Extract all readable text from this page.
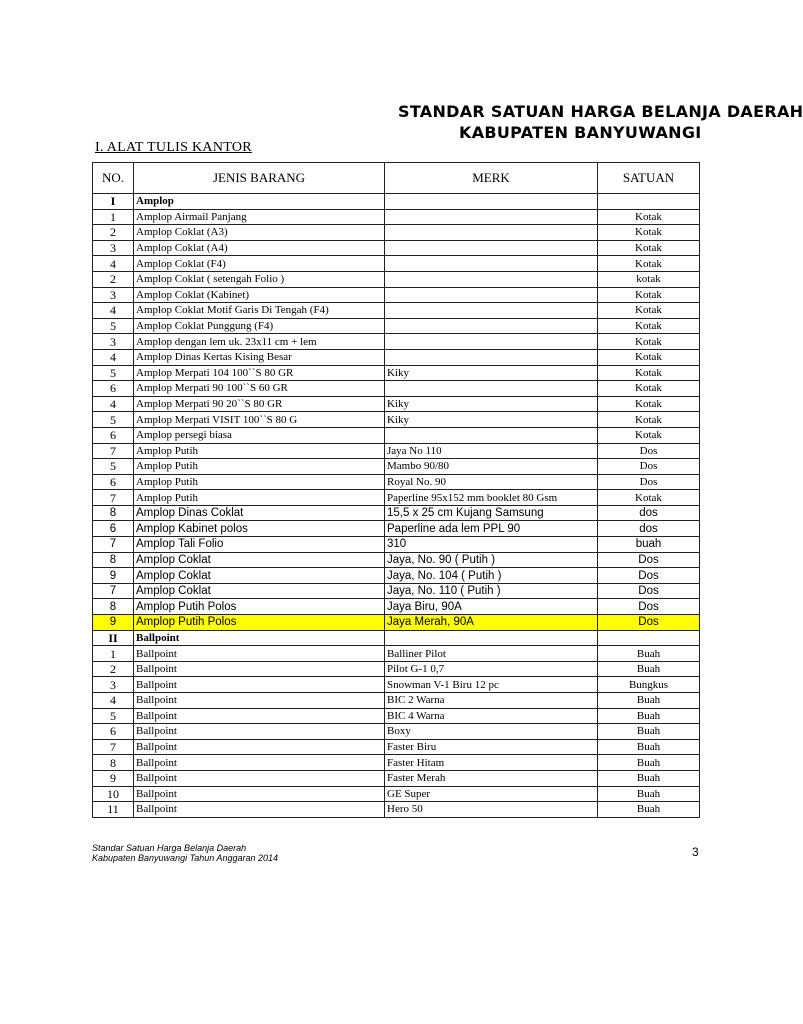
STANDAR SATUAN HARGA BELANJA DAERAH
KABUPATEN BANYUWANGI
I. ALAT TULIS KANTOR
NO.	JENIS BARANG	MERK	SATUAN
I	Amplop		
1	Amplop Airmail Panjang		Kotak
2	Amplop Coklat (A3)		Kotak
3	Amplop Coklat (A4)		Kotak
4	Amplop Coklat (F4)		Kotak
2	Amplop Coklat ( setengah Folio )		kotak
3	Amplop Coklat (Kabinet)		Kotak
4	Amplop Coklat Motif Garis Di Tengah (F4)		Kotak
5	Amplop Coklat Punggung (F4)		Kotak
3	Amplop dengan lem uk. 23x11 cm + lem		Kotak
4	Amplop Dinas Kertas Kising Besar		Kotak
5	Amplop Merpati 104 100``S 80 GR	Kiky	Kotak
6	Amplop Merpati 90 100``S 60 GR		Kotak
4	Amplop Merpati 90 20``S 80 GR	Kiky	Kotak
5	Amplop Merpati VISIT 100``S 80 G	Kiky	Kotak
6	Amplop persegi biasa		Kotak
7	Amplop Putih	Jaya No 110	Dos
5	Amplop Putih	Mambo 90/80	Dos
6	Amplop Putih	Royal No. 90	Dos
7	Amplop Putih	Paperline 95x152 mm booklet 80 Gsm	Kotak
8	Amplop Dinas Coklat	15,5 x 25 cm Kujang Samsung	dos
6	Amplop Kabinet polos	Paperline ada lem PPL 90	dos
7	Amplop Tali Folio	310	buah
8	Amplop Coklat	Jaya, No. 90 ( Putih )	Dos
9	Amplop Coklat	Jaya, No. 104 ( Putih )	Dos
7	Amplop Coklat	Jaya, No. 110 ( Putih )	Dos
8	Amplop Putih Polos	Jaya Biru, 90A	Dos
9	Amplop Putih Polos	Jaya Merah, 90A	Dos
II	Ballpoint		
1	Ballpoint	Balliner Pilot	Buah
2	Ballpoint	Pilot G-1 0,7	Buah
3	Ballpoint	Snowman V-1 Biru 12 pc	Bungkus
4	Ballpoint	BIC 2 Warna	Buah
5	Ballpoint	BIC 4 Warna	Buah
6	Ballpoint	Boxy	Buah
7	Ballpoint	Faster Biru	Buah
8	Ballpoint	Faster Hitam	Buah
9	Ballpoint	Faster Merah	Buah
10	Ballpoint	GE Super	Buah
11	Ballpoint	Hero 50	Buah
Standar Satuan Harga Belanja Daerah
Kabupaten Banyuwangi Tahun Anggaran 2014	3
